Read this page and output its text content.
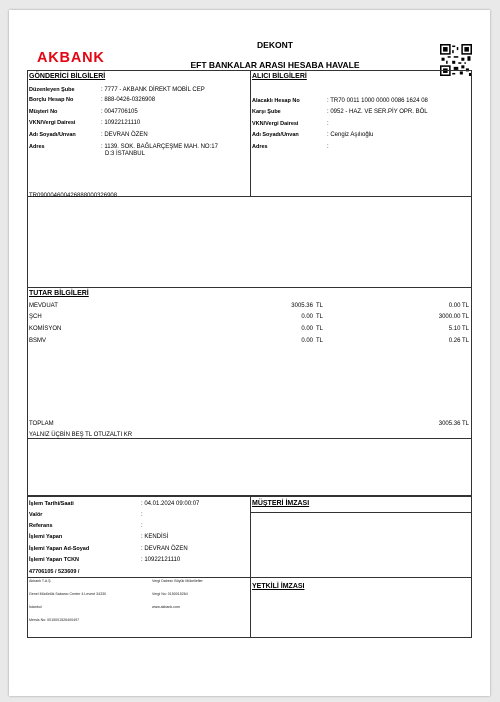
AKBANK
DEKONT
EFT BANKALAR ARASI HESABA HAVALE
GÖNDERİCİ BİLGİLERİ
Düzenleyen Şube	: 7777 - AKBANK DİREKT MOBİL CEP
Borçlu Hesap No	: 888-0426-0326908
Müşteri No	: 0047706105
VKN/Vergi Dairesi	: 10922121110
Adı Soyadı/Unvan	: DEVRAN ÖZEN
Adres	: 1139. SOK. BAĞLARÇEŞME MAH. NO:17
D:3 İSTANBUL
ALICI BİLGİLERİ
Alacaklı Hesap No	: TR70 0011 1000 0000 0086 1624 08
Karşı Şube	: 0952 - HAZ. VE SER.PİY OPR. BÖL
VKN/Vergi Dairesi	:
Adı Soyadı/Unvan	: Cengiz Aşılıoğlu
Adres	:
TR090004600426888000326908
TUTAR BİLGİLERİ
MEVDUAT	3005.36 TL	0.00 TL
ŞCH	0.00 TL	3000.00 TL
KOMİSYON	0.00 TL	5.10 TL
BSMV	0.00 TL	0.26 TL
TOPLAM	3005.36 TL
YALNIZ ÜÇBİN BEŞ TL OTUZALTI KR
İşlem Tarihi/Saati	: 04.01.2024 09:00:07
Valör	:
Referans	:
İşlemi Yapan	: KENDİSİ
İşlemi Yapan Ad-Soyad	: DEVRAN ÖZEN
İşlemi Yapan TCKN	: 10922121110
47706105 / 523609 /
MÜŞTERİ İMZASI
YETKİLİ İMZASI
Akbank T.A.Ş.
Genel Müdürlük Sabancı Center 4.Levent 34330
İstanbul
Mersis No: 0015001526400497
Vergi Dairesi: Büyük Mükellefler
Vergi No: 0150015264
www.akbank.com
